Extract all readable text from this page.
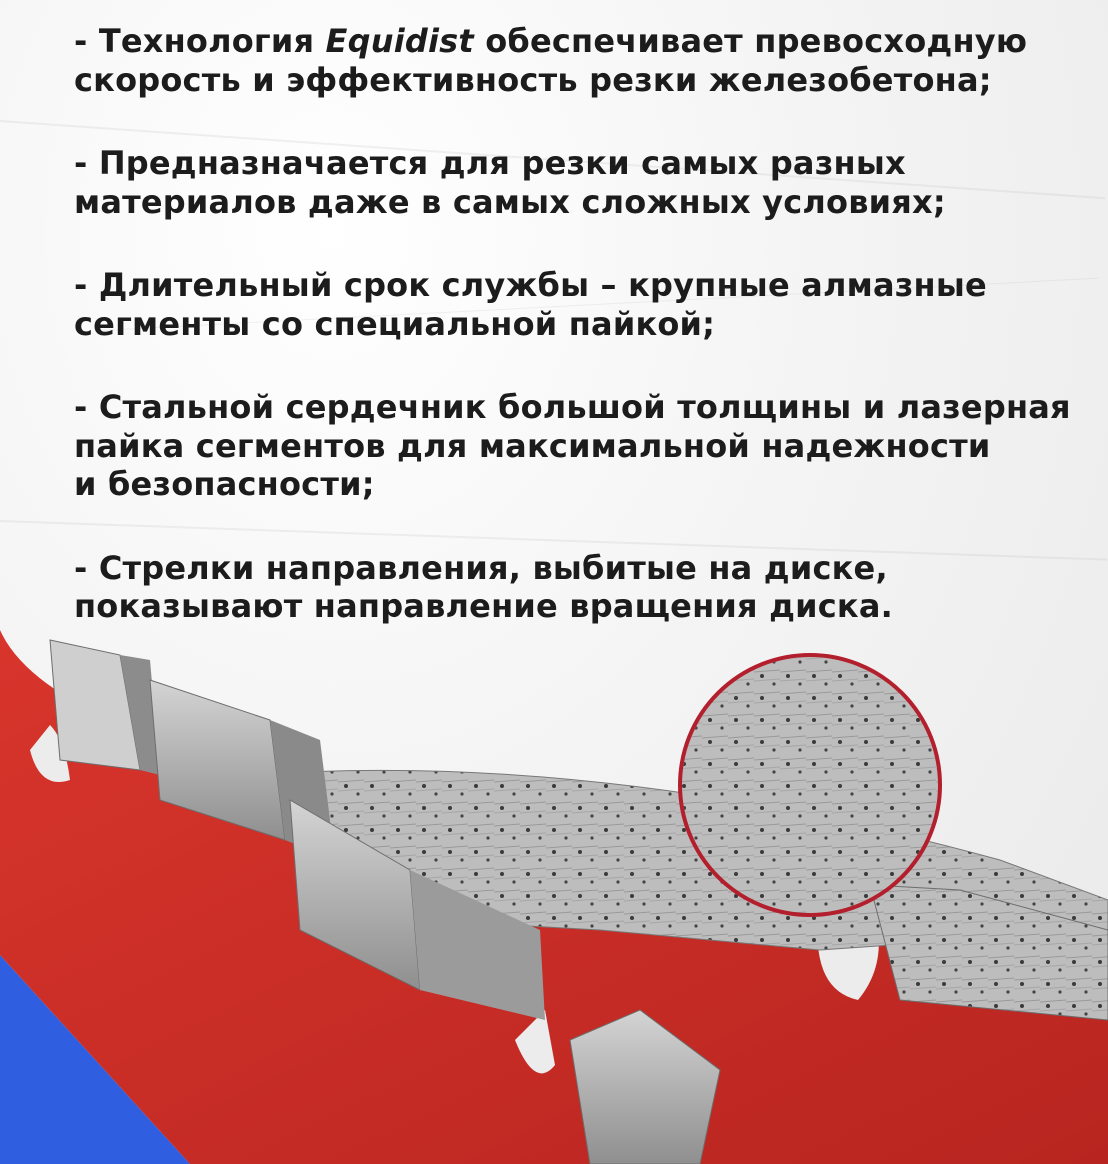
- Технология Equidist обеспечивает превосходную
скорость и эффективность резки железобетона;
- Предназначается для резки самых разных
материалов даже в самых сложных условиях;
- Длительный срок службы – крупные алмазные
сегменты со специальной пайкой;
- Стальной сердечник большой толщины и лазерная
пайка сегментов для максимальной надежности
и безопасности;
- Стрелки направления, выбитые на диске,
показывают направление вращения диска.
